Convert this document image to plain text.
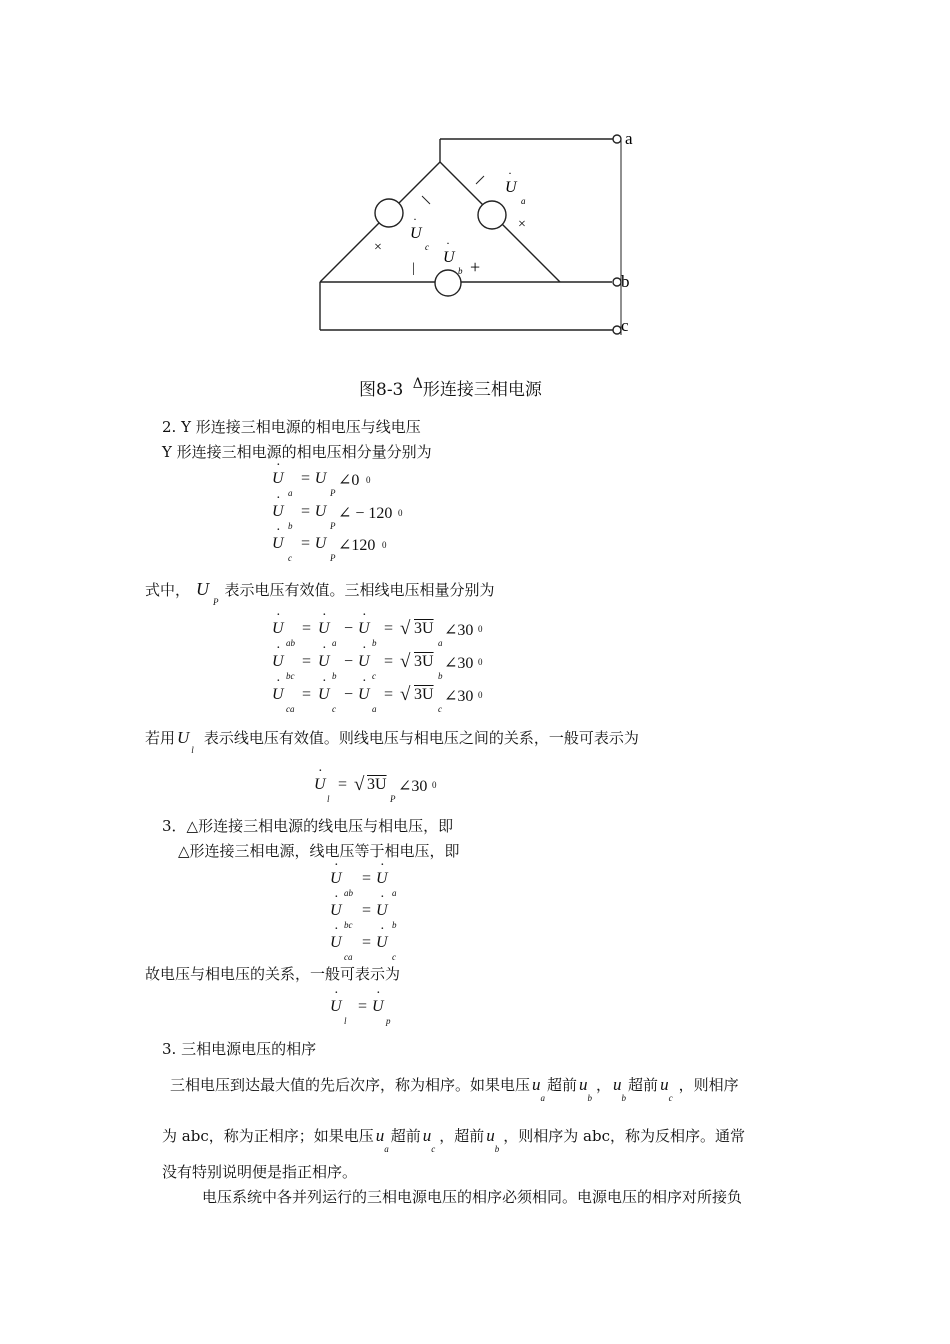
a
b
c
U
·
a
U
·
c
U
·
b
×
×
|	+
图8-3 $^\Delta$形连接三相电源
2. Y 形连接三相电源的相电压与线电压
Y 形连接三相电源的相电压相分量分别为
U
·
a
= U
P
∠0 0
U
·
b
= U
P
∠ − 120 0
U
·
c
= U
P
∠120 0
式中， $U_P$表示电压有效值。三相线电压相量分别为
U
·
ab
= U
·
a
− U
·
b
= √ 3U
a
∠30 0
U
·
bc
= U
·
b
− U
·
c
= √ 3U
b
∠30 0
U
·
ca
= U
·
c
− U
·
a
= √ 3U
c
∠30 0
若用 $U_l$表示线电压有效值。则线电压与相电压之间的关系，一般可表示为
U
·
l
= √ 3U
P
∠30 0
3．△形连接三相电源的线电压与相电压，即
△形连接三相电源，线电压等于相电压，即
U
·
ab
= U
·
a
U
·
bc
= U
·
b
U
·
ca
= U
·
c
故电压与相电压的关系，一般可表示为
U
·
l
= U
·
p
3. 三相电源电压的相序
三相电压到达最大值的先后次序，称为相序。如果电压 $u_a$超前 $u_b$， $u_b$超前 $u_c$，则相序
为 abc，称为正相序；如果电压 $u_a$超前 $u_c$，超前 $u_b$，则相序为 abc，称为反相序。通常
没有特别说明便是指正相序。
电压系统中各并列运行的三相电源电压的相序必须相同。电源电压的相序对所接负
